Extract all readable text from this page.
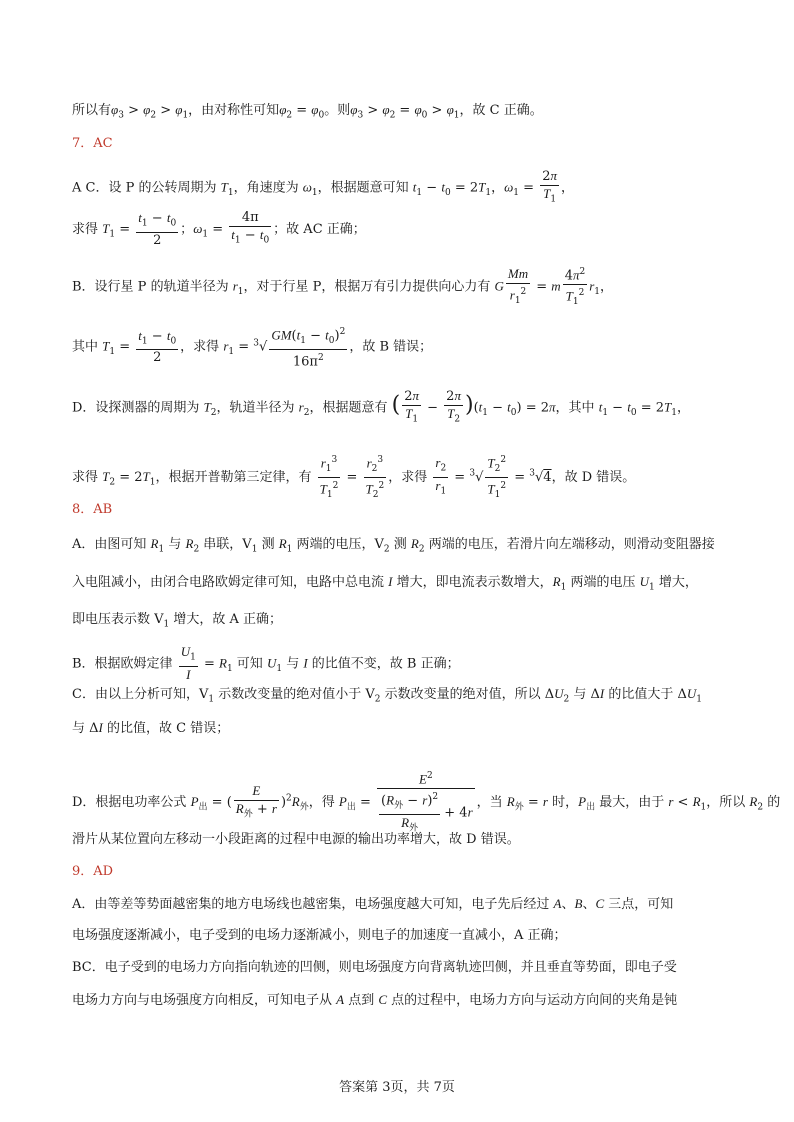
所以有$\varphi_3 > \varphi_2 > \varphi_1$，由对称性可知$\varphi_2 = \varphi_0$。则$\varphi_3 > \varphi_2 = \varphi_0 > \varphi_1$，故 C 正确。
7．AC
A C．设 P 的公转周期为 $T_1$，角速度为 $\omega_1$，根据题意可知 $t_1 - t_0 = 2T_1$，$\omega_1 = \frac{2\pi}{T_1}$ ，
求得 $T_1 = \frac{t_1 - t_0}{2}$ ；$\omega_1 = \frac{4\pi}{t_1 - t_0}$ ；故 AC 正确；
B．设行星 P 的轨道半径为 $r_1$，对于行星 P，根据万有引力提供向心力有 G $\frac{Mm}{r_1^2} = m \frac{4\pi^2}{T_1^2} r_1$，
其中 $T_1 = \frac{t_1 - t_0}{2}$ ，求得 $r_1 = ^3√ \frac{GM(t_1 - t_0)^2}{16\pi^2}$ ，故 B 错误；
D．设探测器的周期为 $T_2$，轨道半径为 $r_2$，根据题意有 ( $\frac{2\pi}{T_1} - \frac{2\pi}{T_2} )(t_1 - t_0) = 2\pi$，其中 $t_1 - t_0 = 2T_1$，
求得 $T_2 = 2T_1$，根据开普勒第三定律，有 $\frac{r_1^3}{T_1^2} = \frac{r_2^3}{T_2^2}$ ，求得 $\frac{r_2}{r_1} = ^3√ \frac{T_2^2}{T_1^2} = ^3√4$，故 D 错误。
8．AB
A．由图可知 $R_1$ 与 $R_2$ 串联，$V_1$ 测 $R_1$ 两端的电压，$V_2$ 测 $R_2$ 两端的电压，若滑片向左端移动，则滑动变阻器接
入电阻减小，由闭合电路欧姆定律可知，电路中总电流 I 增大，即电流表示数增大，$R_1$ 两端的电压 $U_1$ 增大，
即电压表示数 $V_1$ 增大，故 A 正确；
B．根据欧姆定律 $\frac{U_1}{I} = R_1$ 可知 $U_1$ 与 I 的比值不变，故 B 正确；
C．由以上分析可知，$V_1$ 示数改变量的绝对值小于 $V_2$ 示数改变量的绝对值，所以 $\Delta U_2$ 与 ΔI 的比值大于 $\Delta U_1$
与 ΔI 的比值，故 C 错误；
D．根据电功率公式 $P_出$ = ( $\frac{E}{R_外 + r} )^2R_外$，得 $P_出 = \frac{E^2}{\frac{(R_外 - r)^2}{R_外} + 4r}$ ，当 $R_外 = r$ 时，$P_出$ 最大，由于 $r < R_1$，所以 $R_2$ 的
滑片从某位置向左移动一小段距离的过程中电源的输出功率增大，故 D 错误。
9．AD
A．由等差等势面越密集的地方电场线也越密集，电场强度越大可知，电子先后经过 A、B、C 三点，可知
电场强度逐渐减小，电子受到的电场力逐渐减小，则电子的加速度一直减小，A 正确；
BC．电子受到的电场力方向指向轨迹的凹侧，则电场强度方向背离轨迹凹侧，并且垂直等势面，即电子受
电场力方向与电场强度方向相反，可知电子从 A 点到 C 点的过程中，电场力方向与运动方向间的夹角是钝
答案第 3页，共 7页
